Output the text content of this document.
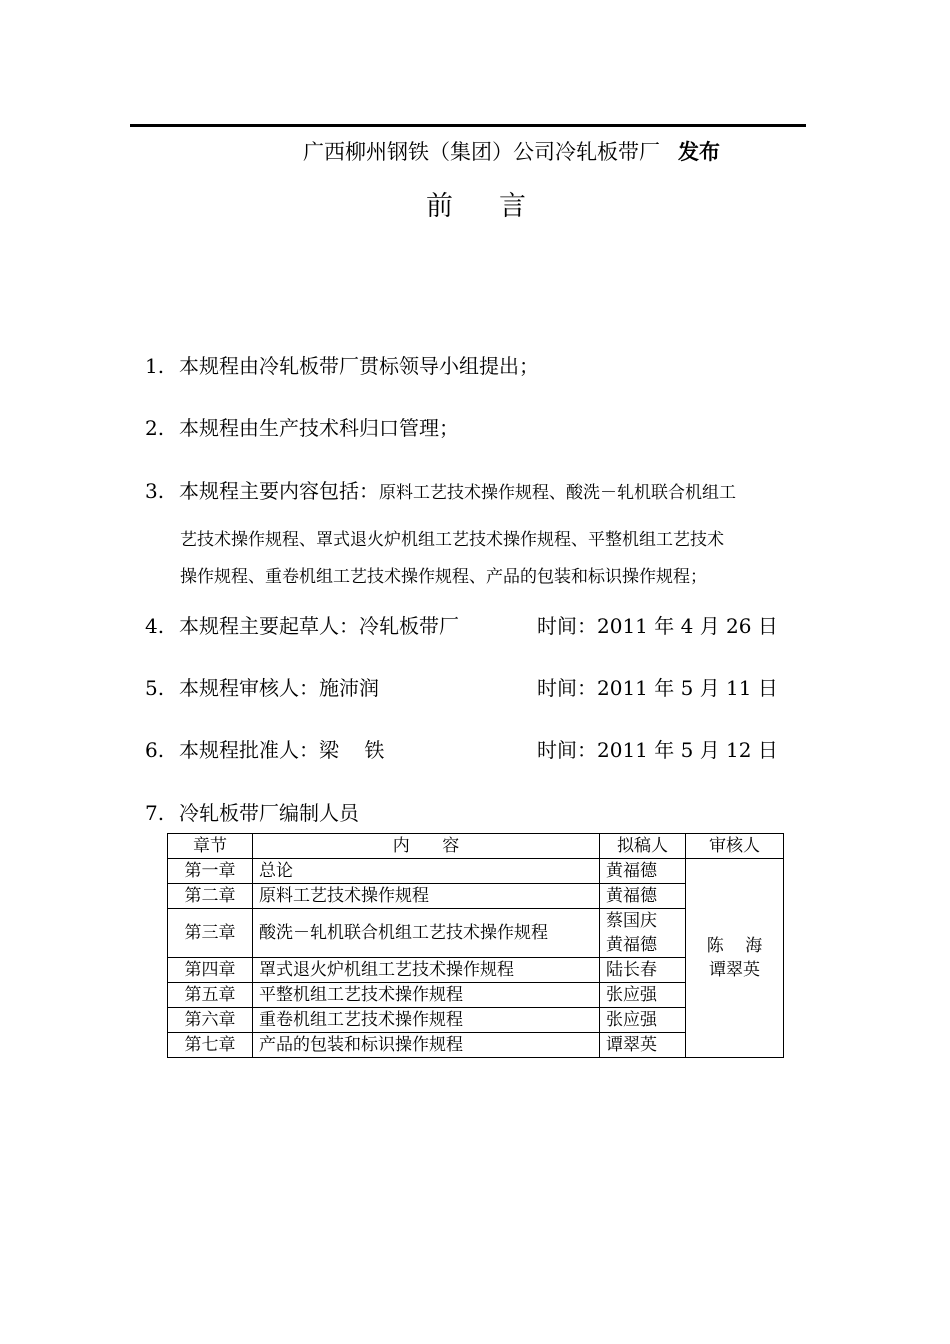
广西柳州钢铁（集团）公司冷轧板带厂 发布
前 言
1. 本规程由冷轧板带厂贯标领导小组提出；
2. 本规程由生产技术科归口管理；
3. 本规程主要内容包括：原料工艺技术操作规程、酸洗－轧机联合机组工
艺技术操作规程、罩式退火炉机组工艺技术操作规程、平整机组工艺技术
操作规程、重卷机组工艺技术操作规程、产品的包装和标识操作规程；
4. 本规程主要起草人：冷轧板带厂	时间：2011 年 4 月 26 日
5. 本规程审核人：施沛润	时间：2011 年 5 月 11 日
6. 本规程批准人：梁    铁	时间：2011 年 5 月 12 日
7. 冷轧板带厂编制人员
章节	内      容	拟稿人	审核人
第一章	总论	黄福德	陈    海
谭翠英

第二章	原料工艺技术操作规程	黄福德	
第三章	酸洗－轧机联合机组工艺技术操作规程	蔡国庆
黄福德	

第四章	罩式退火炉机组工艺技术操作规程	陆长春	
第五章	平整机组工艺技术操作规程	张应强	
第六章	重卷机组工艺技术操作规程	张应强	
第七章	产品的包装和标识操作规程	谭翠英	
